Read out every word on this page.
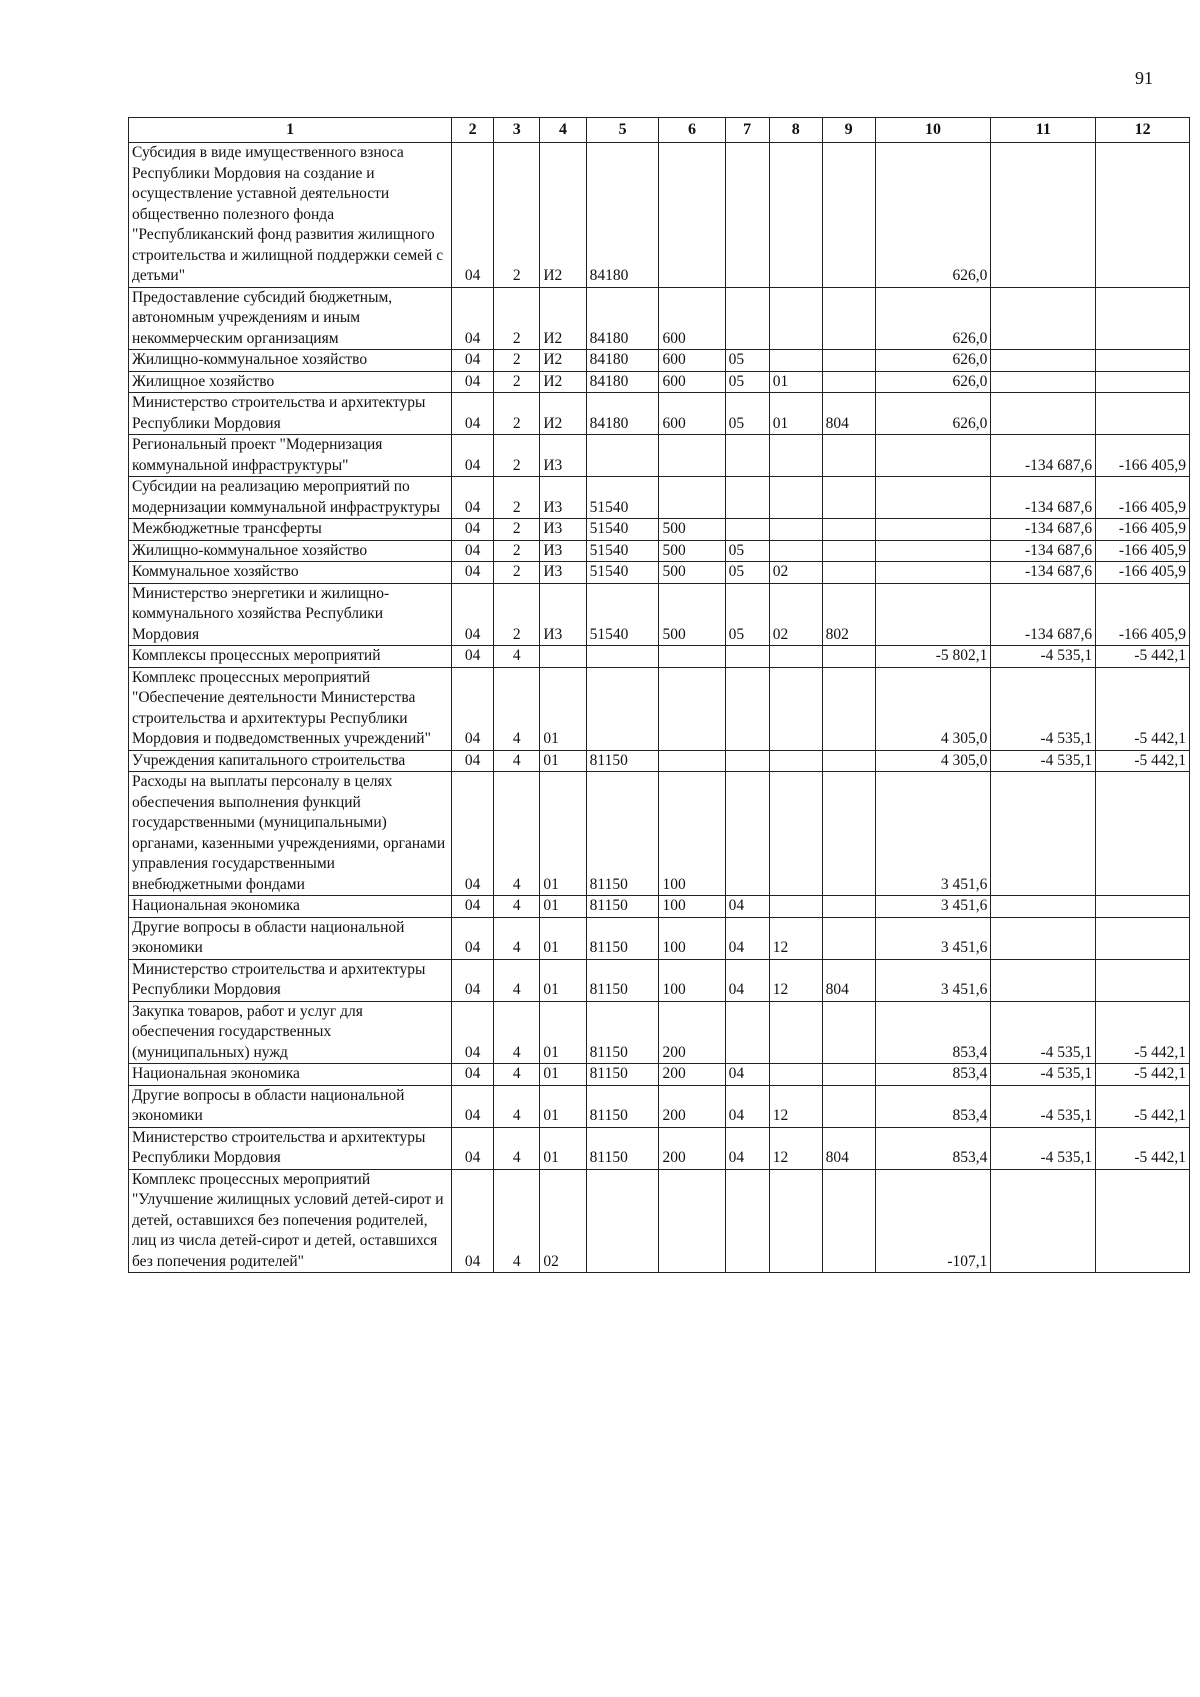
91
1	2	3	4	5	6	7	8	9	10	11	12
Субсидия в виде имущественного взноса Республики Мордовия на создание и осуществление уставной деятельности общественно полезного фонда "Республиканский фонд развития жилищного строительства и жилищной поддержки семей с детьми"	04	2	И2	84180					626,0		
Предоставление субсидий бюджетным, автономным учреждениям и иным некоммерческим организациям	04	2	И2	84180	600				626,0		
Жилищно-коммунальное хозяйство	04	2	И2	84180	600	05			626,0		
Жилищное хозяйство	04	2	И2	84180	600	05	01		626,0		
Министерство строительства и архитектуры Республики Мордовия	04	2	И2	84180	600	05	01	804	626,0		
Региональный проект "Модернизация коммунальной инфраструктуры"	04	2	И3							-134 687,6	-166 405,9
Субсидии на реализацию мероприятий по модернизации коммунальной инфраструктуры	04	2	И3	51540						-134 687,6	-166 405,9
Межбюджетные трансферты	04	2	И3	51540	500					-134 687,6	-166 405,9
Жилищно-коммунальное хозяйство	04	2	И3	51540	500	05				-134 687,6	-166 405,9
Коммунальное хозяйство	04	2	И3	51540	500	05	02			-134 687,6	-166 405,9
Министерство энергетики и жилищно-коммунального хозяйства Республики Мордовия	04	2	И3	51540	500	05	02	802		-134 687,6	-166 405,9
Комплексы процессных мероприятий	04	4							-5 802,1	-4 535,1	-5 442,1
Комплекс процессных мероприятий "Обеспечение деятельности Министерства строительства и архитектуры Республики Мордовия и подведомственных учреждений"	04	4	01						4 305,0	-4 535,1	-5 442,1
Учреждения капитального строительства	04	4	01	81150					4 305,0	-4 535,1	-5 442,1
Расходы на выплаты персоналу в целях обеспечения выполнения функций государственными (муниципальными) органами, казенными учреждениями, органами управления государственными внебюджетными фондами	04	4	01	81150	100				3 451,6		
Национальная экономика	04	4	01	81150	100	04			3 451,6		
Другие вопросы в области национальной экономики	04	4	01	81150	100	04	12		3 451,6		
Министерство строительства и архитектуры Республики Мордовия	04	4	01	81150	100	04	12	804	3 451,6		
Закупка товаров, работ и услуг для обеспечения государственных (муниципальных) нужд	04	4	01	81150	200				853,4	-4 535,1	-5 442,1
Национальная экономика	04	4	01	81150	200	04			853,4	-4 535,1	-5 442,1
Другие вопросы в области национальной экономики	04	4	01	81150	200	04	12		853,4	-4 535,1	-5 442,1
Министерство строительства и архитектуры Республики Мордовия	04	4	01	81150	200	04	12	804	853,4	-4 535,1	-5 442,1
Комплекс процессных мероприятий "Улучшение жилищных условий детей-сирот и детей, оставшихся без попечения родителей, лиц из числа детей-сирот и детей, оставшихся без попечения родителей"	04	4	02						-107,1		
